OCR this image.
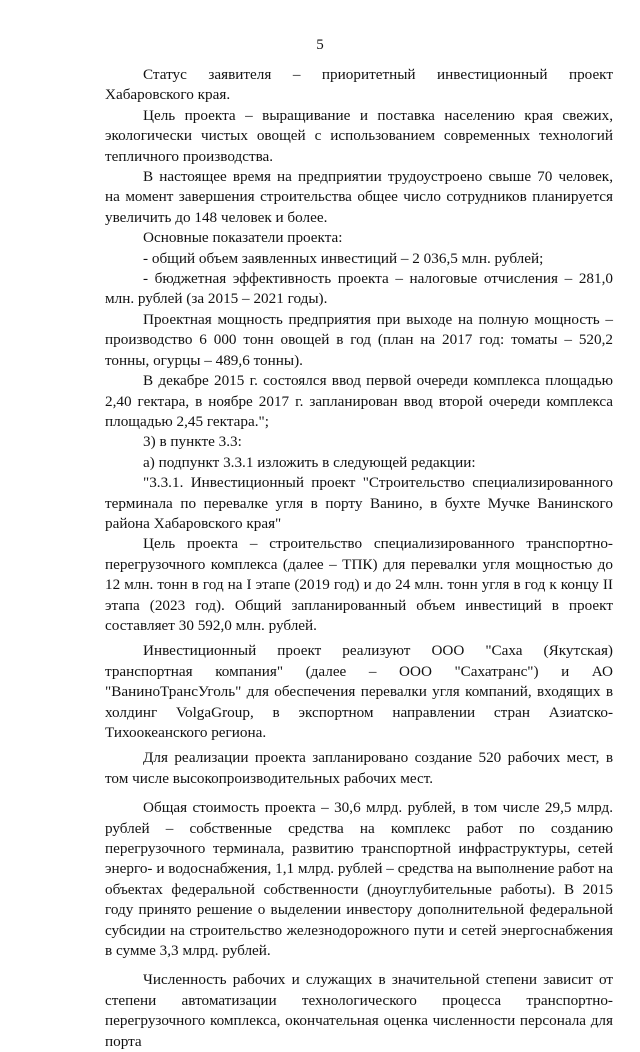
5

Статус заявителя – приоритетный инвестиционный проект Хабаровского края.

Цель проекта – выращивание и поставка населению края свежих, экологически чистых овощей с использованием современных технологий тепличного производства.

В настоящее время на предприятии трудоустроено свыше 70 человек, на момент завершения строительства общее число сотрудников планируется увеличить до 148 человек и более.

Основные показатели проекта:

- общий объем заявленных инвестиций – 2 036,5 млн. рублей;

- бюджетная эффективность проекта – налоговые отчисления – 281,0 млн. рублей (за 2015 – 2021 годы).

Проектная мощность предприятия при выходе на полную мощность – производство 6 000 тонн овощей в год (план на 2017 год: томаты – 520,2 тонны, огурцы – 489,6 тонны).

В декабре 2015 г. состоялся ввод первой очереди комплекса площадью 2,40 гектара, в ноябре 2017 г. запланирован ввод второй очереди комплекса площадью 2,45 гектара.";

3) в пункте 3.3:

а) подпункт 3.3.1 изложить в следующей редакции:

"3.3.1. Инвестиционный проект "Строительство специализированного терминала по перевалке угля в порту Ванино, в бухте Мучке Ванинского района Хабаровского края"

Цель проекта – строительство специализированного транспортно-перегрузочного комплекса (далее – ТПК) для перевалки угля мощностью до 12 млн. тонн в год на I этапе (2019 год) и до 24 млн. тонн угля в год к концу II этапа (2023 год). Общий запланированный объем инвестиций в проект составляет 30 592,0 млн. рублей.

Инвестиционный проект реализуют ООО "Саха (Якутская) транспортная компания" (далее – ООО "Сахатранс") и АО "ВаниноТрансУголь" для обеспечения перевалки угля компаний, входящих в холдинг VolgaGroup, в экспортном направлении стран Азиатско-Тихоокеанского региона.

Для реализации проекта запланировано создание 520 рабочих мест, в том числе высокопроизводительных рабочих мест.

Общая стоимость проекта – 30,6 млрд. рублей, в том числе 29,5 млрд. рублей – собственные средства на комплекс работ по созданию перегрузочного терминала, развитию транспортной инфраструктуры, сетей энерго- и водоснабжения, 1,1 млрд. рублей – средства на выполнение работ на объектах федеральной собственности (дноуглубительные работы). В 2015 году принято решение о выделении инвестору дополнительной федеральной субсидии на строительство железнодорожного пути и сетей энергоснабжения в сумме 3,3 млрд. рублей.

Численность рабочих и служащих в значительной степени зависит от степени автоматизации технологического процесса транспортно-перегрузочного комплекса, окончательная оценка численности персонала для порта
